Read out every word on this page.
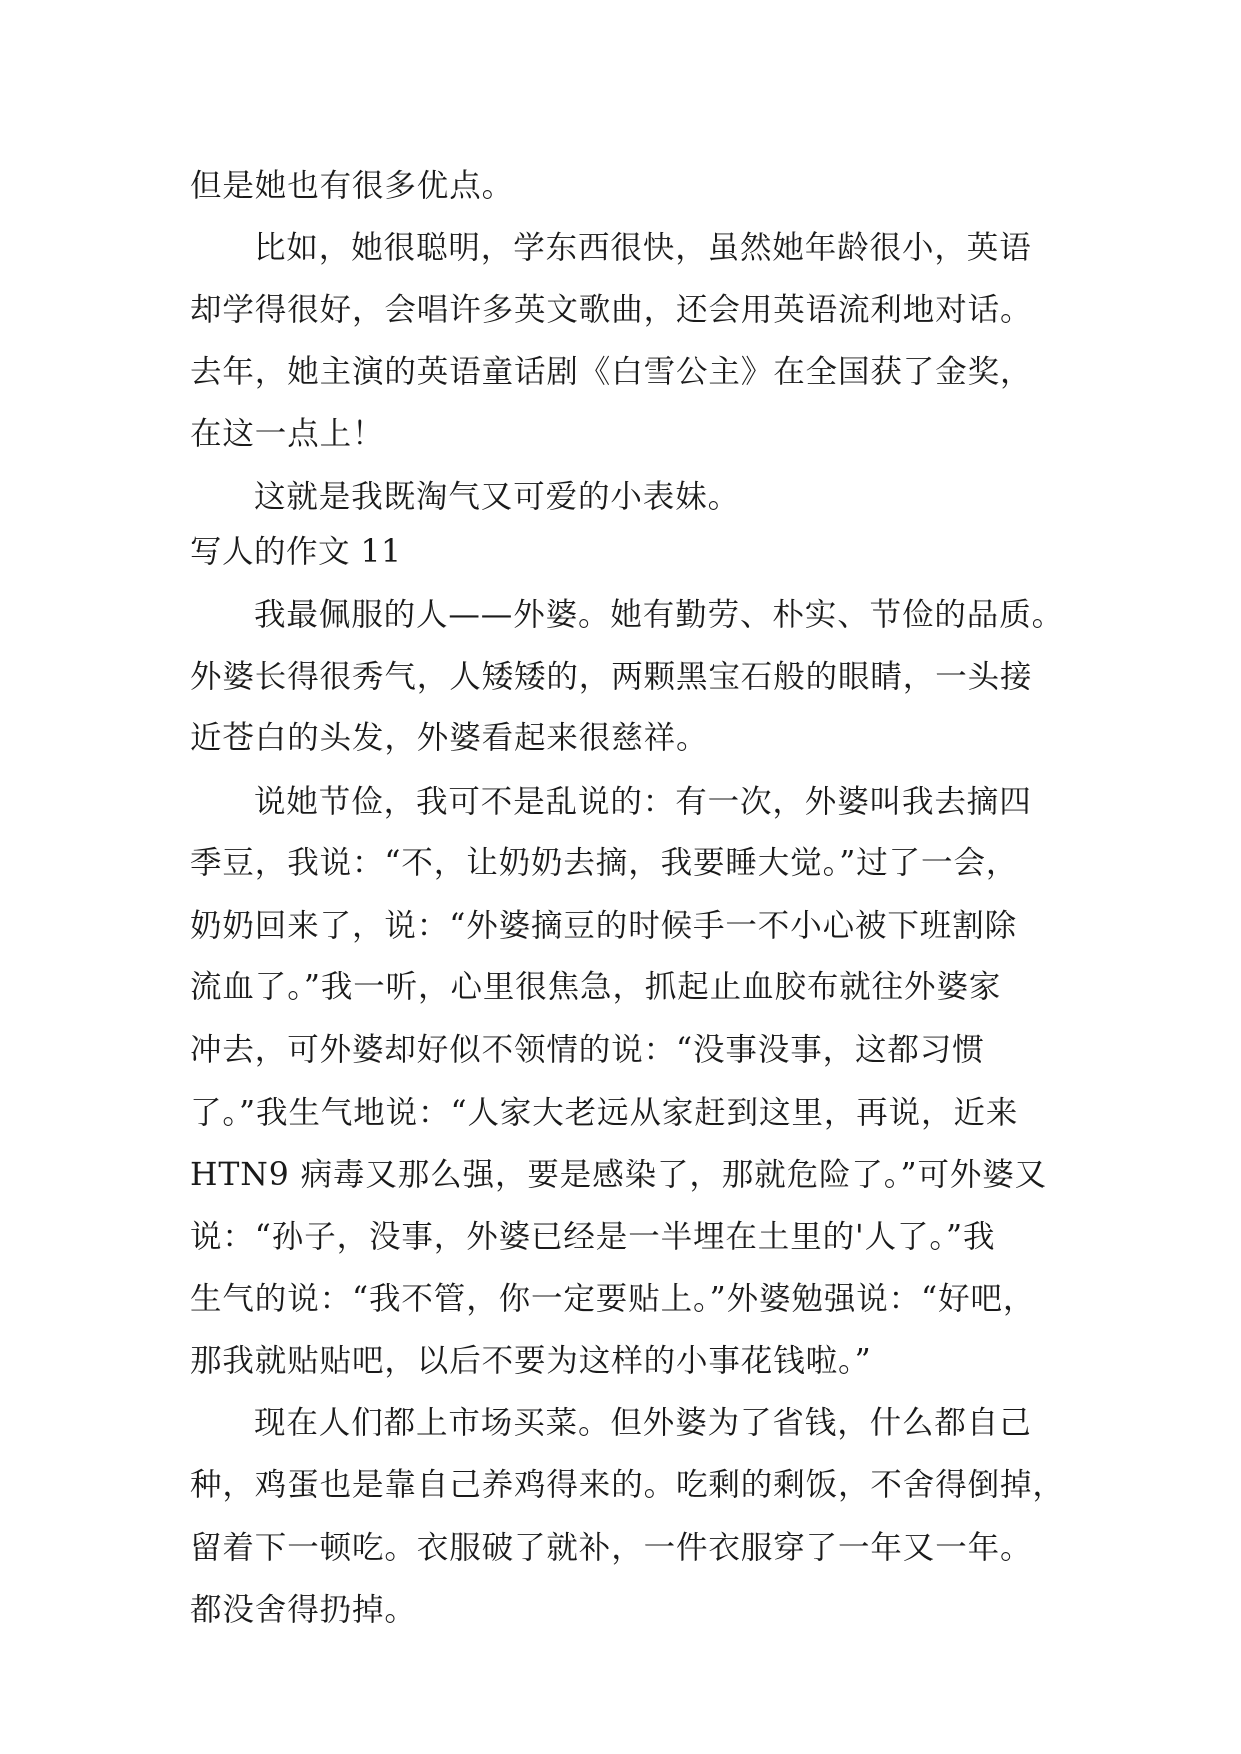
但是她也有很多优点。
比如，她很聪明，学东西很快，虽然她年龄很小，英语
却学得很好，会唱许多英文歌曲，还会用英语流利地对话。
去年，她主演的英语童话剧《白雪公主》在全国获了金奖，
在这一点上！
这就是我既淘气又可爱的小表妹。
写人的作文 11
我最佩服的人——外婆。她有勤劳、朴实、节俭的品质。
外婆长得很秀气，人矮矮的，两颗黑宝石般的眼睛，一头接
近苍白的头发，外婆看起来很慈祥。
说她节俭，我可不是乱说的：有一次，外婆叫我去摘四
季豆，我说：“不，让奶奶去摘，我要睡大觉。”过了一会，
奶奶回来了，说：“外婆摘豆的时候手一不小心被下班割除
流血了。”我一听，心里很焦急，抓起止血胶布就往外婆家
冲去，可外婆却好似不领情的说：“没事没事，这都习惯
了。”我生气地说：“人家大老远从家赶到这里，再说，近来
HTN9 病毒又那么强，要是感染了，那就危险了。”可外婆又
说：“孙子，没事，外婆已经是一半埋在土里的'人了。”我
生气的说：“我不管，你一定要贴上。”外婆勉强说：“好吧，
那我就贴贴吧，以后不要为这样的小事花钱啦。”
现在人们都上市场买菜。但外婆为了省钱，什么都自己
种，鸡蛋也是靠自己养鸡得来的。吃剩的剩饭，不舍得倒掉，
留着下一顿吃。衣服破了就补，一件衣服穿了一年又一年。
都没舍得扔掉。
